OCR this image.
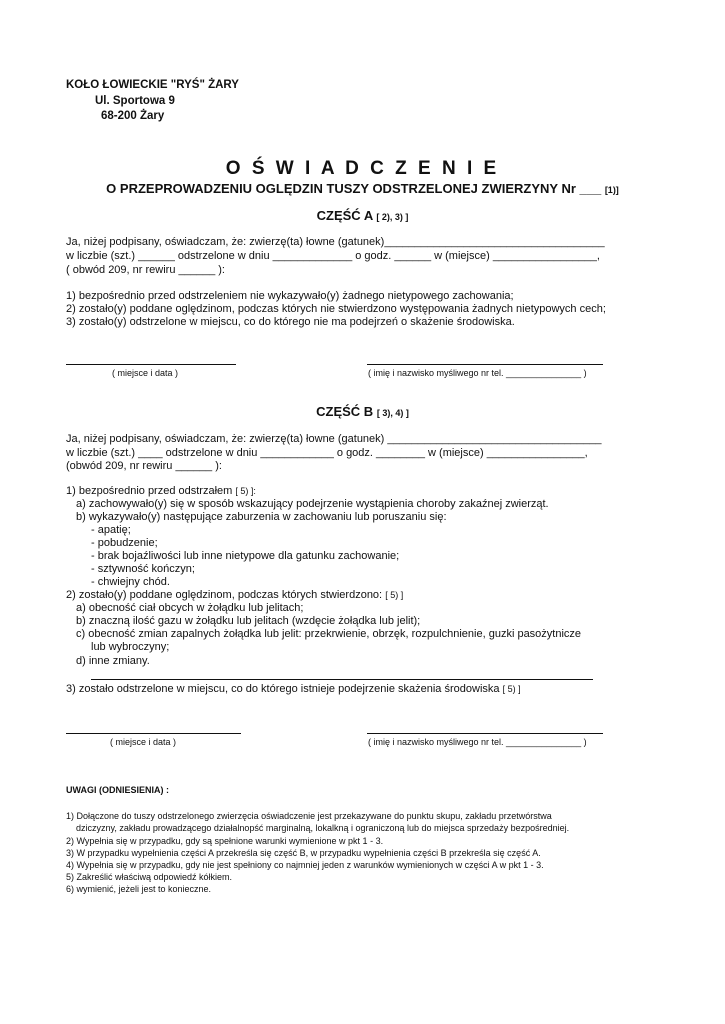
KOŁO ŁOWIECKIE "RYŚ" ŻARY
Ul. Sportowa 9
68-200 Żary
O Ś W I A D C Z E N I E
O PRZEPROWADZENIU OGLĘDZIN TUSZY ODSTRZELONEJ ZWIERZYNY Nr ___ [1)]
CZĘŚĆ A [ 2), 3) ]
Ja, niżej podpisany, oświadczam, że: zwierzę(ta) łowne (gatunek)____________________________________
w liczbie (szt.) ______ odstrzelone w dniu _____________ o godz. ______ w (miejsce) _________________,
( obwód 209, nr rewiru ______ ):
1) bezpośrednio przed odstrzeleniem nie wykazywało(y) żadnego nietypowego zachowania;
2) zostało(y) poddane oględzinom, podczas których nie stwierdzono występowania żadnych nietypowych cech;
3) zostało(y) odstrzelone w miejscu, co do którego nie ma podejrzeń o skażenie środowiska.
( miejsce i data )	( imię i nazwisko myśliwego nr tel. _______________ )
CZĘŚĆ B [ 3), 4) ]
Ja, niżej podpisany, oświadczam, że: zwierzę(ta) łowne (gatunek) ___________________________________
w liczbie (szt.) ____ odstrzelone w dniu ____________ o godz. ________ w (miejsce) ________________,
(obwód 209, nr rewiru ______ ):
1) bezpośrednio przed odstrzałem [ 5) ]:
a) zachowywało(y) się w sposób wskazujący podejrzenie wystąpienia choroby zakaźnej zwierząt.
b) wykazywało(y) następujące zaburzenia w zachowaniu lub poruszaniu się:
- apatię;
- pobudzenie;
- brak bojaźliwości lub inne nietypowe dla gatunku zachowanie;
- sztywność kończyn;
- chwiejny chód.
2) zostało(y) poddane oględzinom, podczas których stwierdzono: [ 5) ]
a) obecność ciał obcych w żołądku lub jelitach;
b) znaczną ilość gazu w żołądku lub jelitach (wzdęcie żołądka lub jelit);
c) obecność zmian zapalnych żołądka lub jelit: przekrwienie, obrzęk, rozpulchnienie, guzki pasożytnicze
lub wybroczyny;
d) inne zmiany.
3) zostało odstrzelone w miejscu, co do którego istnieje podejrzenie skażenia środowiska [ 5) ]
( miejsce i data )	( imię i nazwisko myśliwego nr tel. _______________ )
UWAGI (ODNIESIENIA) :
1) Dołączone do tuszy odstrzelonego zwierzęcia oświadczenie jest przekazywane do punktu skupu, zakładu przetwórstwa
dziczyzny, zakładu prowadzącego działalnopść marginalną, lokalkną i ograniczoną lub do miejsca sprzedaży bezpośredniej.
2) Wypełnia się w przypadku, gdy są spełnione warunki wymienione w pkt 1 - 3.
3) W przypadku wypełnienia części A przekreśla się część B, w przypadku wypełnienia części B przekreśla się część A.
4) Wypełnia się w przypadku, gdy nie jest spełniony co najmniej jeden z warunków wymienionych w części A w pkt 1 - 3.
5) Zakreślić właściwą odpowiedź kółkiem.
6) wymienić, jeżeli jest to konieczne.
